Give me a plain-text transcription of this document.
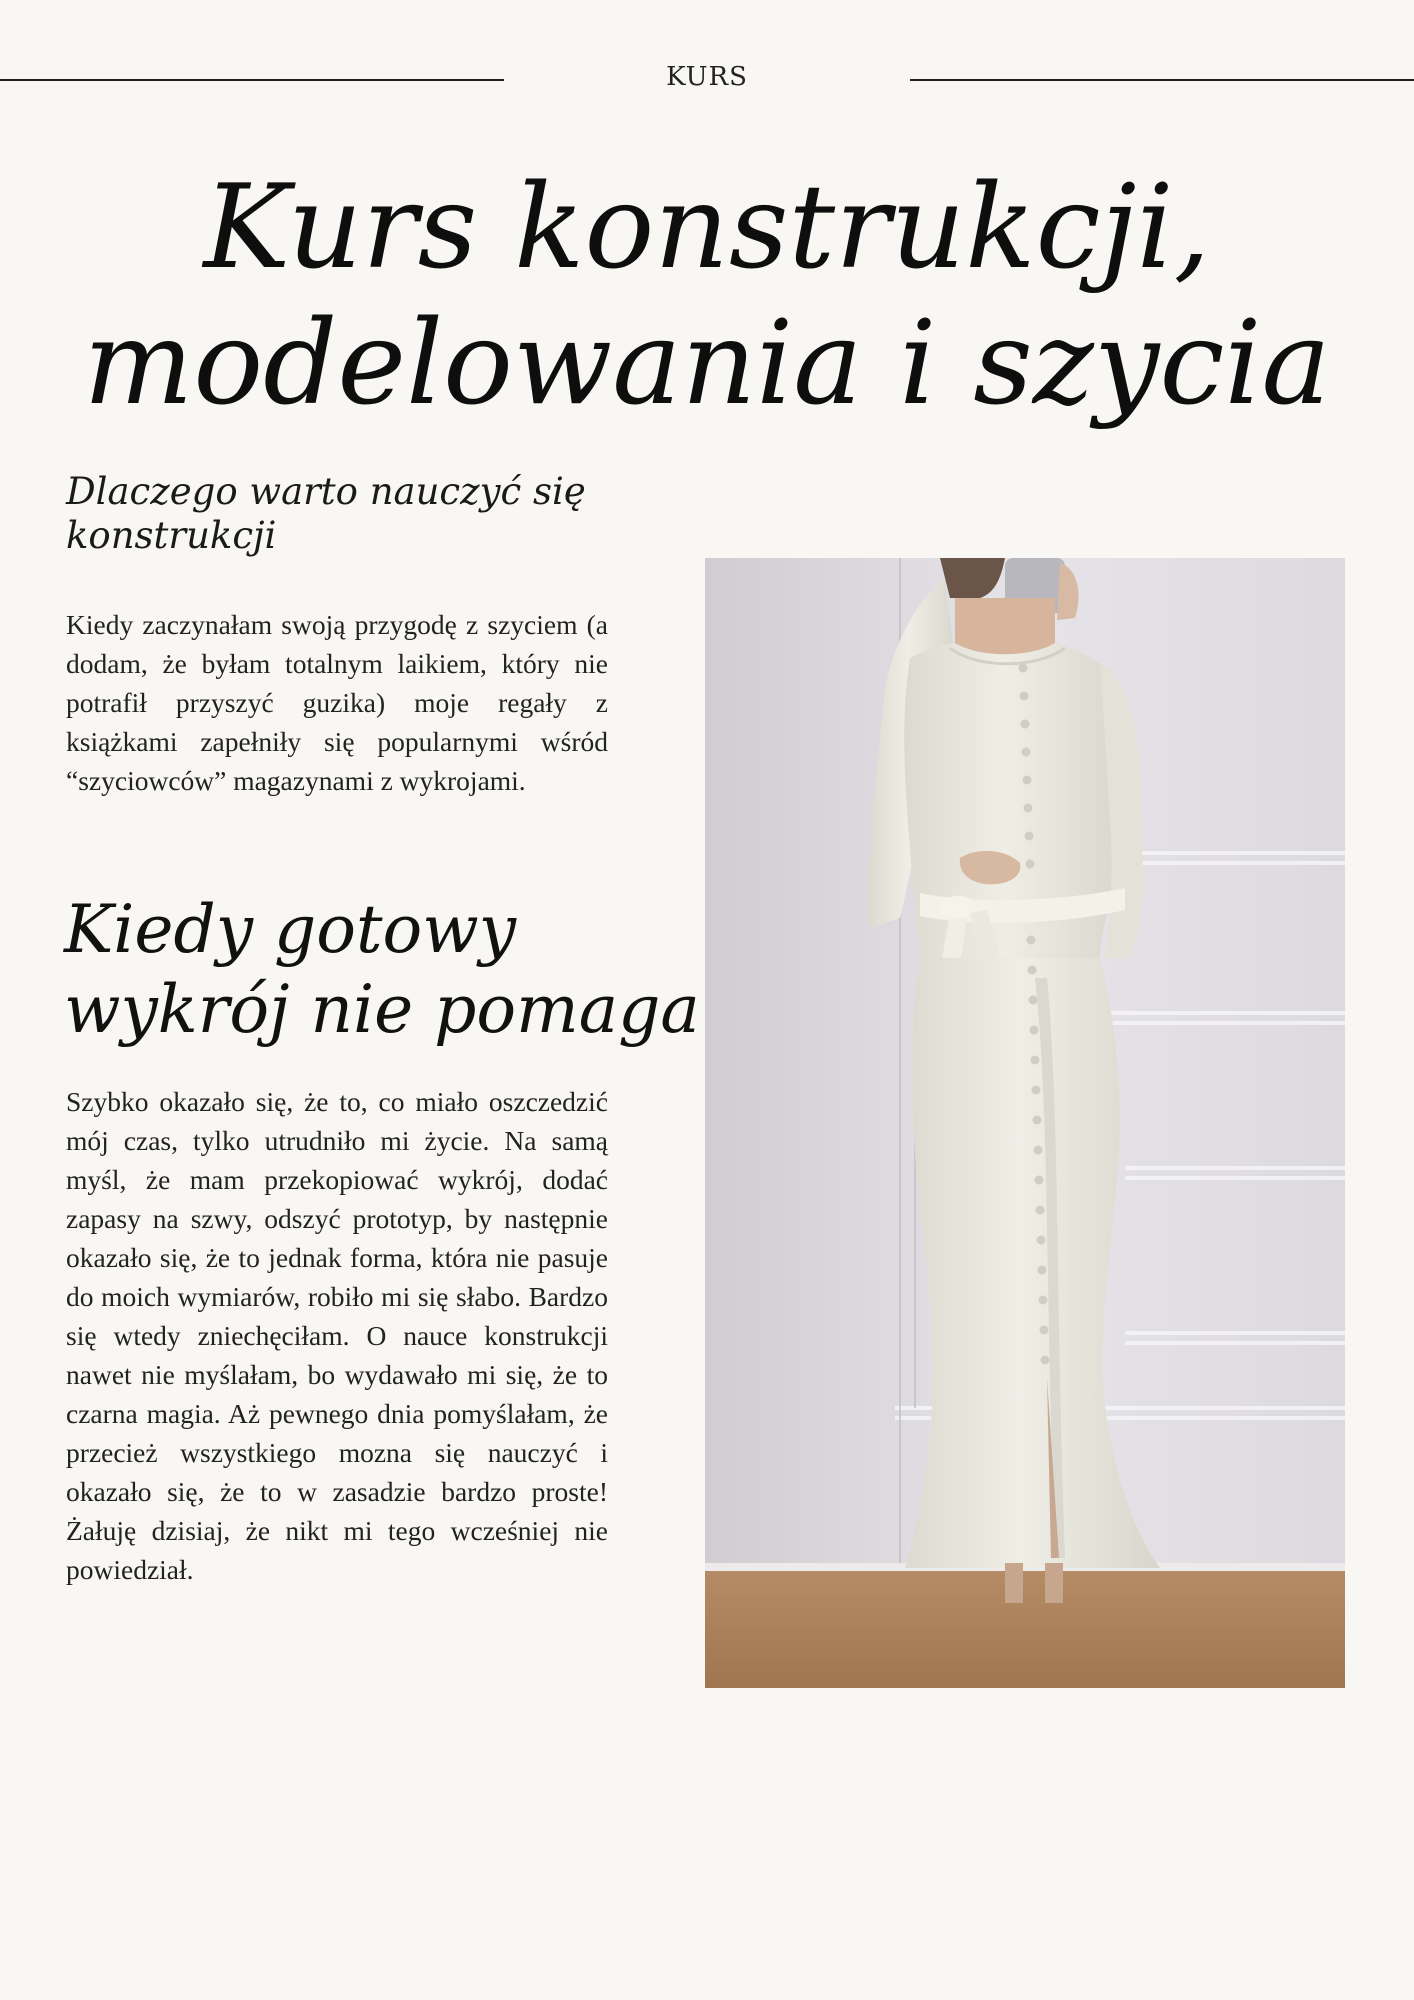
KURS
Kurs konstrukcji,
modelowania i szycia
Dlaczego warto nauczyć się konstrukcji

Kiedy zaczynałam swoją przygodę z szyciem (a dodam, że byłam totalnym laikiem, który nie potrafił przyszyć guzika) moje regały z książkami zapełniły się popularnymi wśród “szyciowców” magazynami z wykrojami.

Kiedy gotowy
wykrój nie pomaga

Szybko okazało się, że to, co miało oszczedzić mój czas, tylko utrudniło mi życie. Na samą myśl, że mam przekopiować wykrój, dodać zapasy na szwy, odszyć prototyp, by następnie okazało się, że to jednak forma, która nie pasuje do moich wymiarów, robiło mi się słabo. Bardzo się wtedy zniechęciłam. O nauce konstrukcji nawet nie myślałam, bo wydawało mi się, że to czarna magia. Aż pewnego dnia pomyślałam, że przecież wszystkiego mozna się nauczyć i okazało się, że to w zasadzie bardzo proste! Żałuję dzisiaj, że nikt mi tego wcześniej nie powiedział.
